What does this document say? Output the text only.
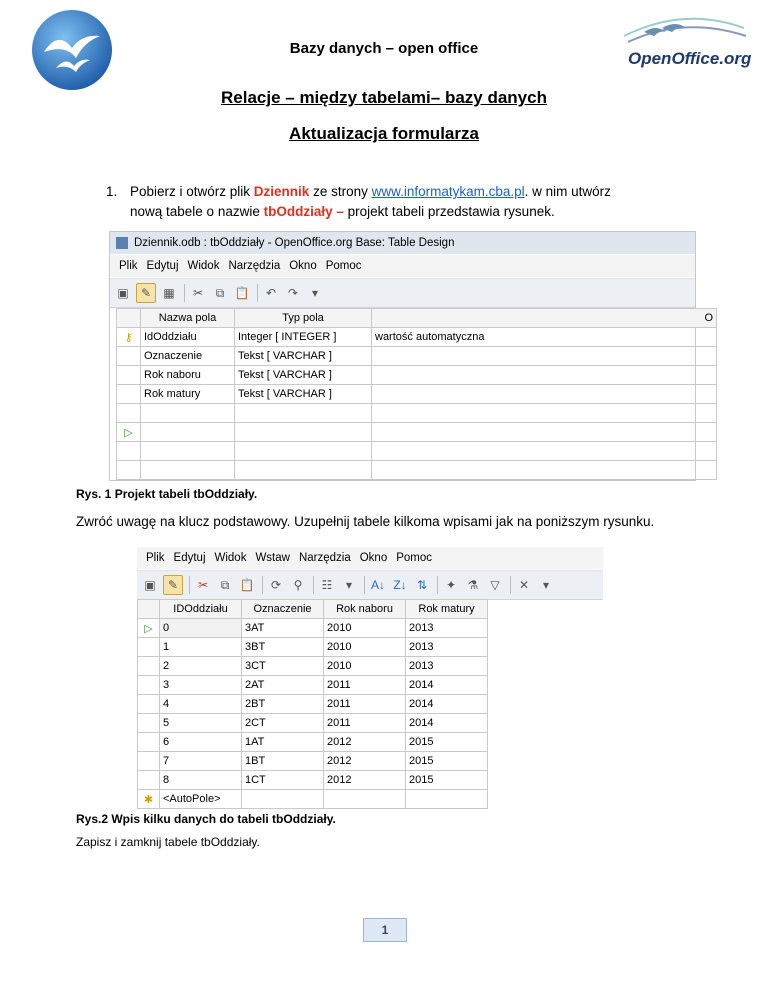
Bazy danych – open office
OpenOffice.org
Relacje – między tabelami– bazy danych
Aktualizacja formularza
1. Pobierz i otwórz plik Dziennik ze strony www.informatykam.cba.pl. w nim utwórz
nową tabele o nazwie tbOddziały – projekt tabeli przedstawia rysunek.
Dziennik.odb : tbOddziały - OpenOffice.org Base: Table Design
Plik Edytuj Widok Narzędzia Okno Pomoc
▣	✎	▦	✂	⧉ 📋	↶ ↷	▾
	Nazwa pola	Typ pola	O
⚷	IdOddziału	Integer [ INTEGER ]	wartość automatyczna
	Oznaczenie	Tekst [ VARCHAR ]	
	Rok naboru	Tekst [ VARCHAR ]	
	Rok matury	Tekst [ VARCHAR ]	

▷			

Rys. 1 Projekt tabeli tbOddziały.
Zwróć uwagę na klucz podstawowy. Uzupełnij tabele kilkoma wpisami jak na poniższym rysunku.
Plik Edytuj Widok Wstaw Narzędzia Okno Pomoc
▣	✎	✂	⧉ 📋	⟳	⚲	☷	▾	A↓ Z↓ ⇅	✦ ⚗	▽	✕	▾
	IDOddziału	Oznaczenie	Rok naboru	Rok matury
▷	0	3AT	2010	2013
	1	3BT	2010	2013
	2	3CT	2010	2013
	3	2AT	2011	2014
	4	2BT	2011	2014
	5	2CT	2011	2014
	6	1AT	2012	2015
	7	1BT	2012	2015
	8	1CT	2012	2015
✱	<AutoPole>			
Rys.2 Wpis kilku danych do tabeli tbOddziały.
Zapisz i zamknij tabele tbOddziały.
1
